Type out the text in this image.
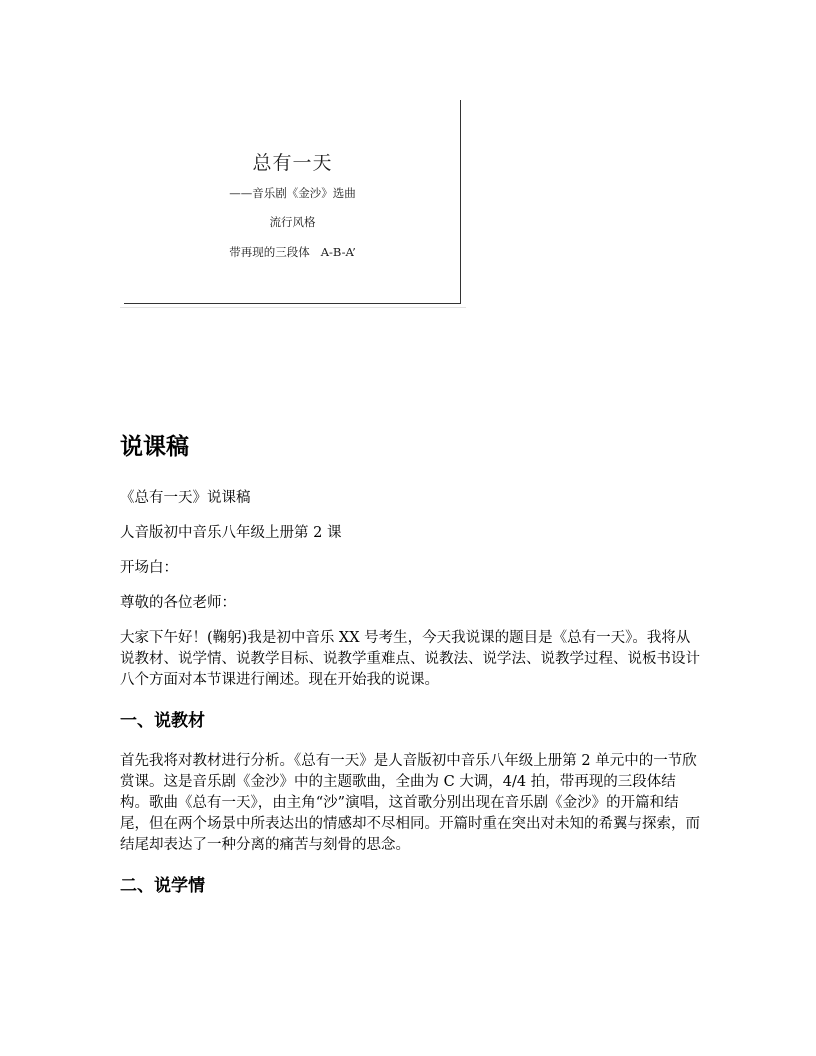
总有一天
——音乐剧《金沙》选曲
流行风格
带再现的三段体   A-B-A’
说课稿

《总有一天》说课稿

人音版初中音乐八年级上册第 2 课

开场白：

尊敬的各位老师：

大家下午好！(鞠躬)我是初中音乐 XX 号考生，今天我说课的题目是《总有一天》。我将从说教材、说学情、说教学目标、说教学重难点、说教法、说学法、说教学过程、说板书设计八个方面对本节课进行阐述。现在开始我的说课。

一、说教材

首先我将对教材进行分析。《总有一天》是人音版初中音乐八年级上册第 2 单元中的一节欣赏课。这是音乐剧《金沙》中的主题歌曲，全曲为 C 大调，4/4 拍，带再现的三段体结构。歌曲《总有一天》，由主角“沙”演唱，这首歌分别出现在音乐剧《金沙》的开篇和结尾，但在两个场景中所表达出的情感却不尽相同。开篇时重在突出对未知的希翼与探索，而结尾却表达了一种分离的痛苦与刻骨的思念。

二、说学情
